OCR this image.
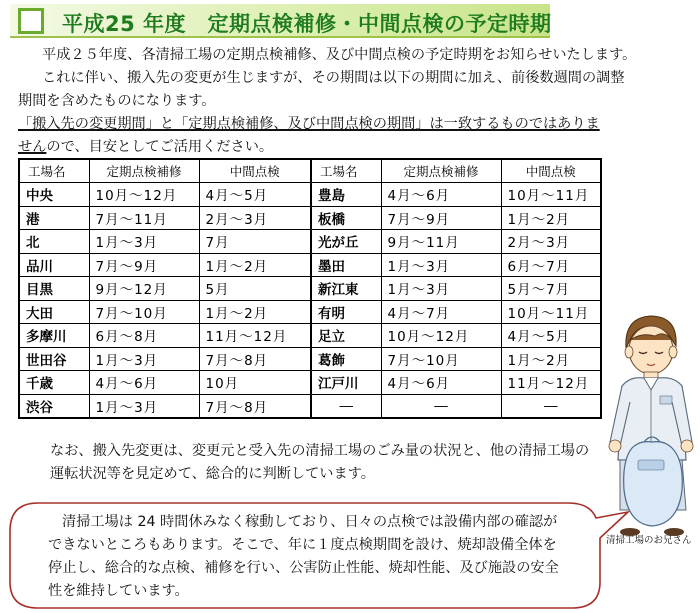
平成25 年度　定期点検補修・中間点検の予定時期

平成２５年度、各清掃工場の定期点検補修、及び中間点検の予定時期をお知らせいたします。

これに伴い、搬入先の変更が生じますが、その期間は以下の期間に加え、前後数週間の調整

期間を含めたものになります。

「搬入先の変更期間」と「定期点検補修、及び中間点検の期間」は一致するものではありま

せんので、目安としてご活用ください。

工場名	定期点検補修	中間点検	工場名	定期点検補修	中間点検
中央	10月～12月	4月～5月	豊島	4月～6月	10月～11月
港	7月～11月	2月～3月	板橋	7月～9月	1月～2月
北	1月～3月	7月	光が丘	9月～11月	2月～3月
品川	7月～9月	1月～2月	墨田	1月～3月	6月～7月
目黒	9月～12月	5月	新江東	1月～3月	5月～7月
大田	7月～10月	1月～2月	有明	4月～7月	10月～11月
多摩川	6月～8月	11月～12月	足立	10月～12月	4月～5月
世田谷	1月～3月	7月～8月	葛飾	7月～10月	1月～2月
千歳	4月～6月	10月	江戸川	4月～6月	11月～12月
渋谷	1月～3月	7月～8月	―	―	―

なお、搬入先変更は、変更元と受入先の清掃工場のごみ量の状況と、他の清掃工場の

運転状況等を見定めて、総合的に判断しています。

清掃工場は 24 時間休みなく稼動しており、日々の点検では設備内部の確認が

できないところもあります。そこで、年に１度点検期間を設け、焼却設備全体を

停止し、総合的な点検、補修を行い、公害防止性能、焼却性能、及び施設の安全

性を維持しています。

清掃工場のお兄さん
